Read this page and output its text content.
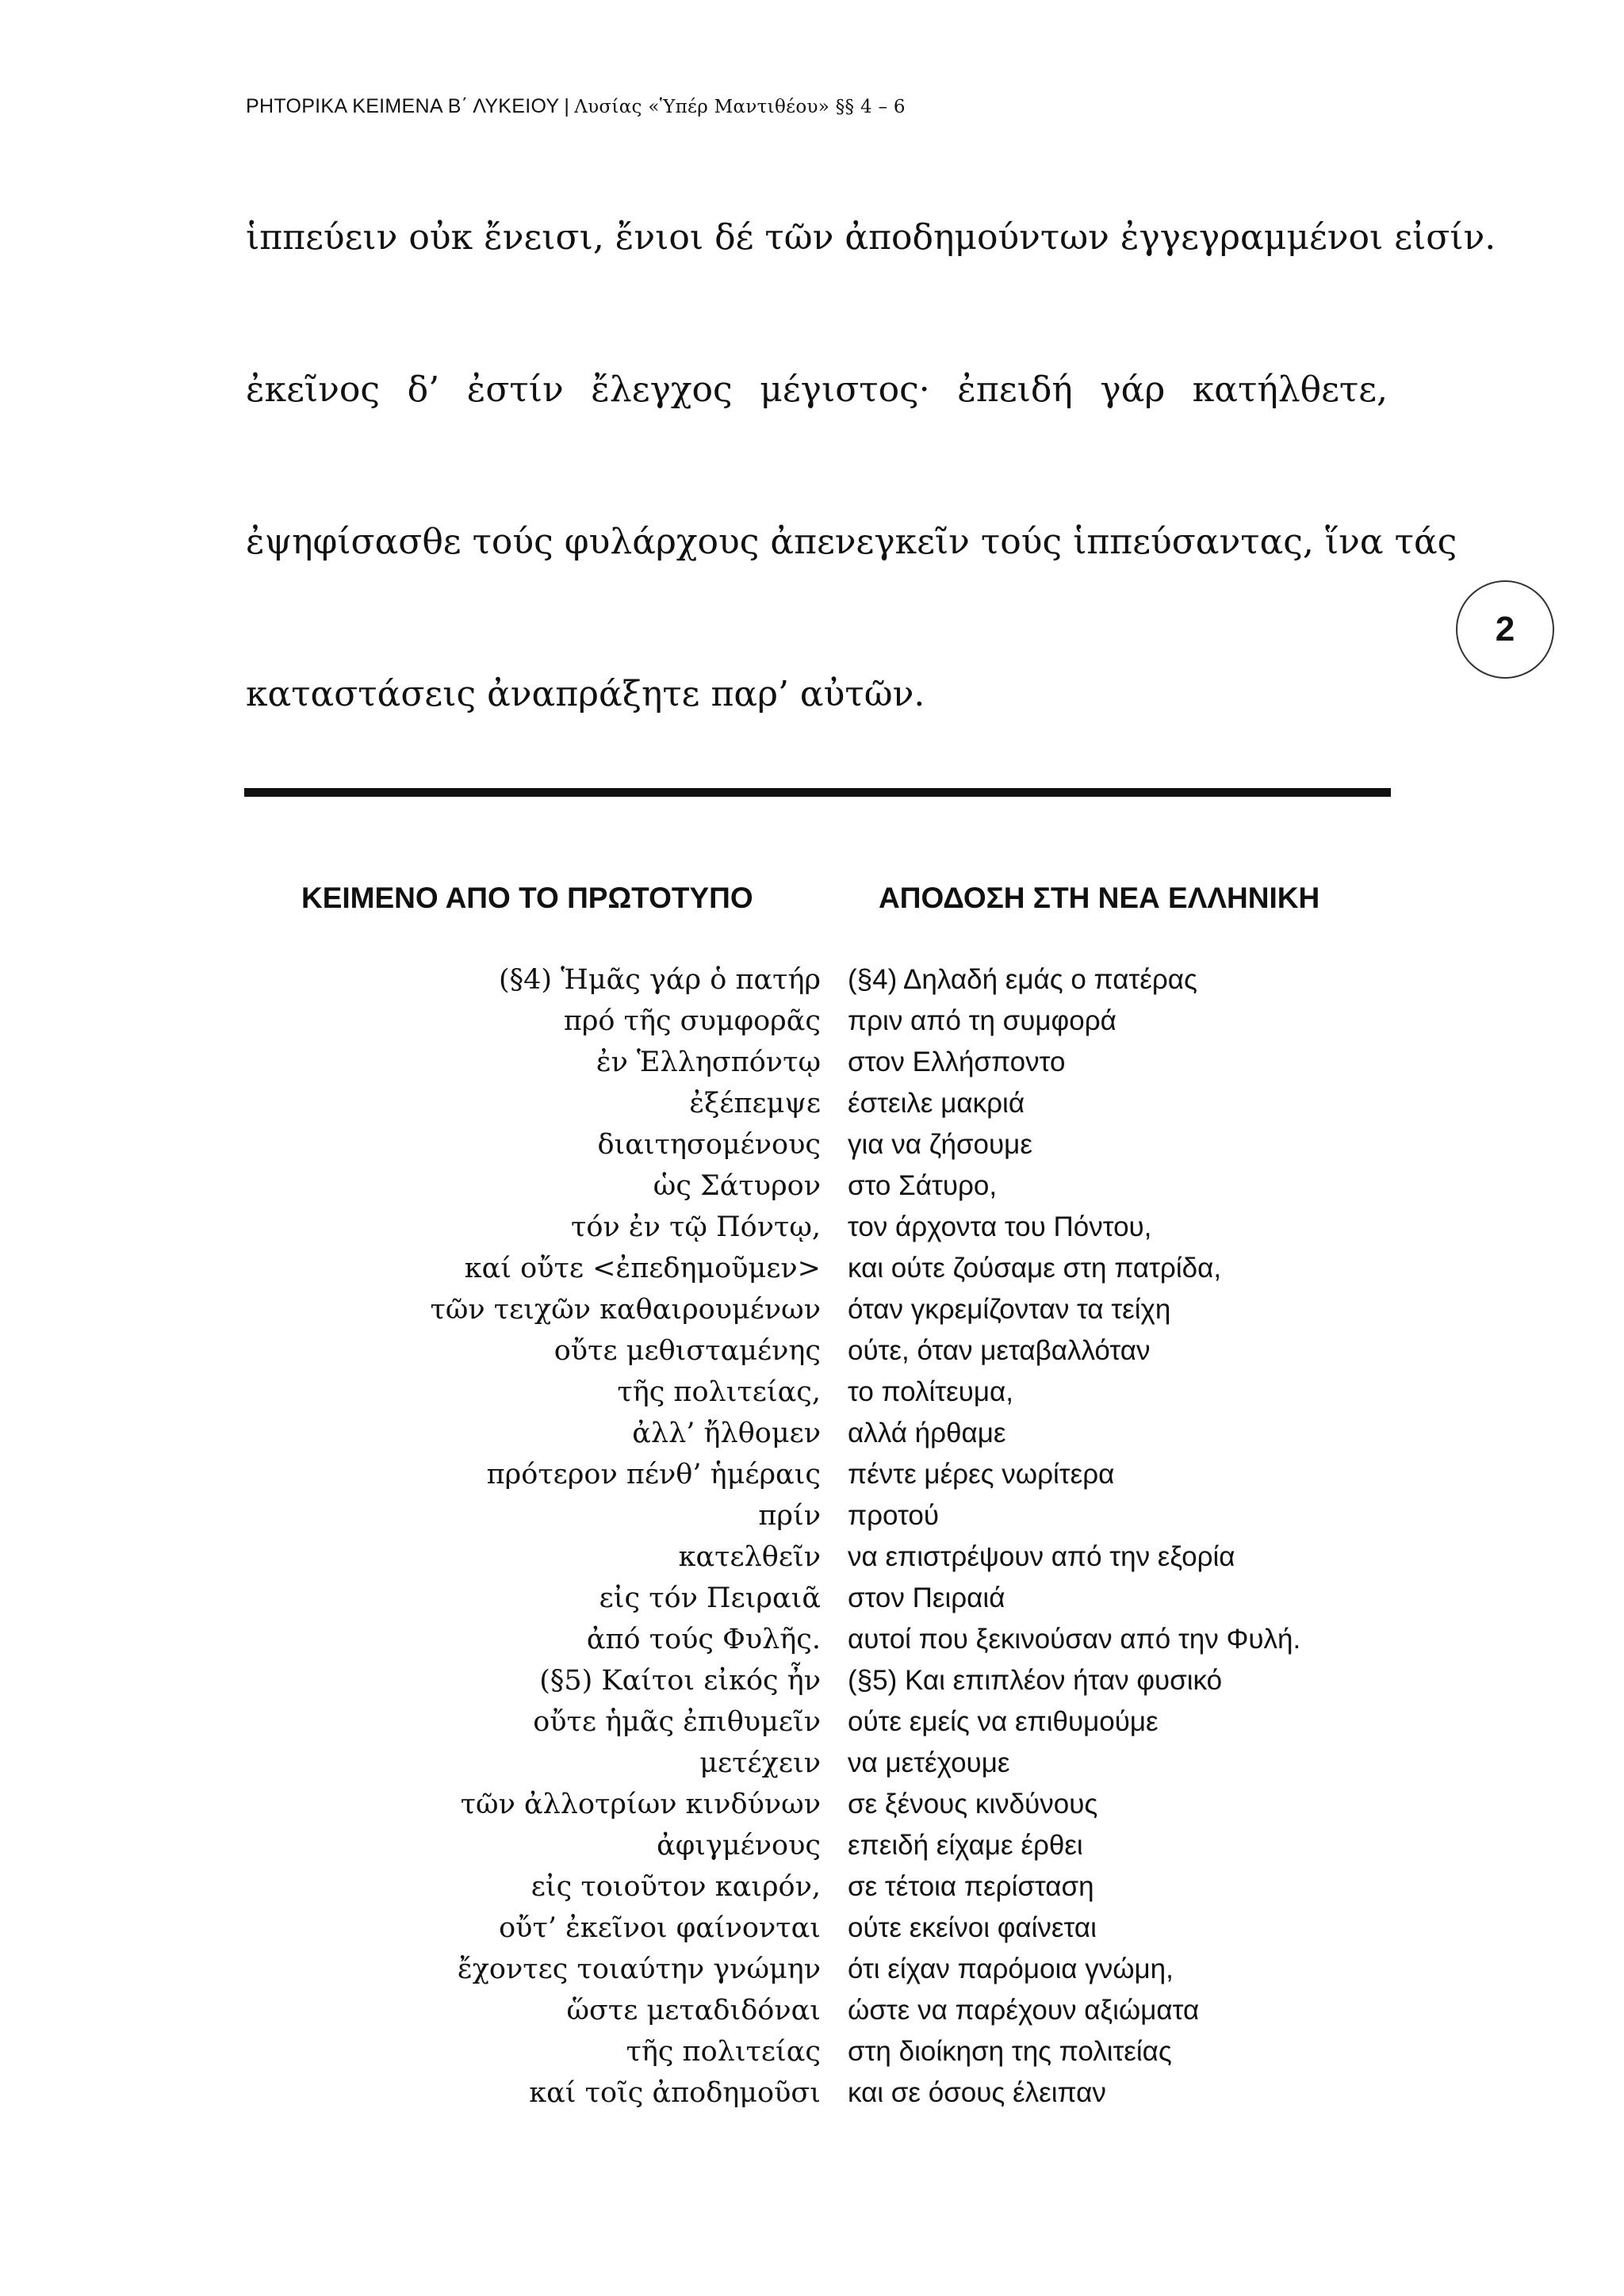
ΡΗΤΟΡΙΚΑ ΚΕΙΜΕΝΑ Β΄ ΛΥΚΕΙΟΥ | Λυσίας «Ὑπέρ Μαντιθέου» §§ 4 – 6
ἱππεύειν οὐκ ἔνεισι, ἔνιοι δέ τῶν ἀποδημούντων ἐγγεγραμμένοι εἰσίν.
ἐκεῖνος δ’ ἐστίν ἔλεγχος μέγιστος· ἐπειδή γάρ κατήλθετε,
ἐψηφίσασθε τούς φυλάρχους ἀπενεγκεῖν τούς ἱππεύσαντας, ἵνα τάς
καταστάσεις ἀναπράξητε παρ’ αὐτῶν.
2
ΚΕΙΜΕΝΟ ΑΠΟ ΤΟ ΠΡΩΤΟΤΥΠΟ	ΑΠΟΔΟΣΗ ΣΤΗ ΝΕΑ ΕΛΛΗΝΙΚΗ
(§4) Ἡμᾶς γάρ ὁ πατήρ (§4) Δηλαδή εμάς ο πατέρας
πρό τῆς συμφορᾶς πριν από τη συμφορά
ἐν Ἑλλησπόντῳ στον Ελλήσποντο
ἐξέπεμψε έστειλε μακριά
διαιτησομένους για να ζήσουμε
ὡς Σάτυρον στο Σάτυρο,
τόν ἐν τῷ Πόντῳ, τον άρχοντα του Πόντου,
καί οὔτε <ἐπεδημοῦμεν> και ούτε ζούσαμε στη πατρίδα,
τῶν τειχῶν καθαιρουμένων όταν γκρεμίζονταν τα τείχη
οὔτε μεθισταμένης ούτε, όταν μεταβαλλόταν
τῆς πολιτείας, το πολίτευμα,
ἀλλ’ ἤλθομεν αλλά ήρθαμε
πρότερον πένθ’ ἡμέραις πέντε μέρες νωρίτερα
πρίν προτού
κατελθεῖν να επιστρέψουν από την εξορία
εἰς τόν Πειραιᾶ στον Πειραιά
ἀπό τούς Φυλῆς. αυτοί που ξεκινούσαν από την Φυλή.
(§5) Καίτοι εἰκός ἦν (§5) Και επιπλέον ήταν φυσικό
οὔτε ἡμᾶς ἐπιθυμεῖν ούτε εμείς να επιθυμούμε
μετέχειν να μετέχουμε
τῶν ἀλλοτρίων κινδύνων σε ξένους κινδύνους
ἀφιγμένους επειδή είχαμε έρθει
εἰς τοιοῦτον καιρόν, σε τέτοια περίσταση
οὔτ’ ἐκεῖνοι φαίνονται ούτε εκείνοι φαίνεται
ἔχοντες τοιαύτην γνώμην ότι είχαν παρόμοια γνώμη,
ὥστε μεταδιδόναι ώστε να παρέχουν αξιώματα
τῆς πολιτείας στη διοίκηση της πολιτείας
καί τοῖς ἀποδημοῦσι και σε όσους έλειπαν
